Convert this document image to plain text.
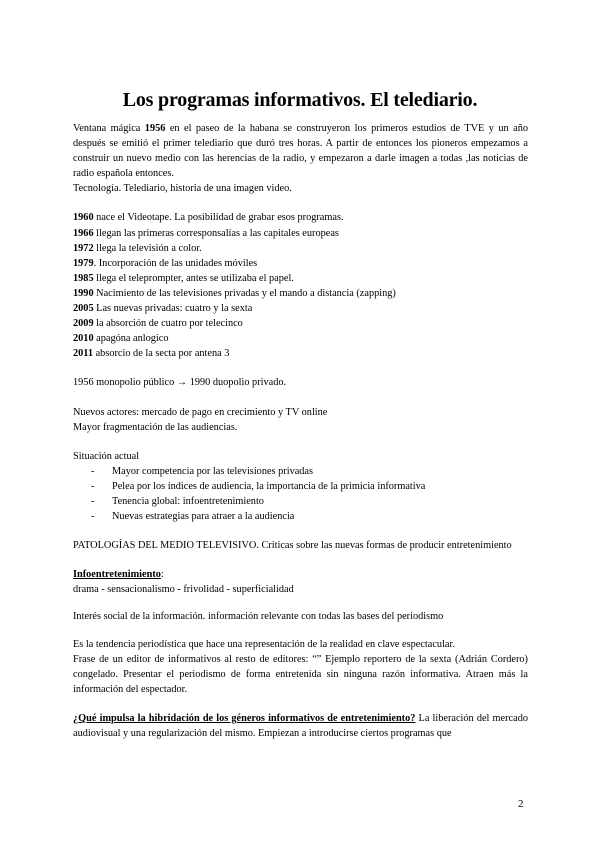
Los programas informativos. El telediario.

Ventana mágica 1956 en el paseo de la habana se construyeron los primeros estudios de TVE y un año después se emitió el primer telediario que duró tres horas. A partir de entonces los pioneros empezamos a construir un nuevo medio con las herencias de la radio, y empezaron a darle imagen a todas ,las noticias de radio española entonces.

Tecnología. Telediario, historia de una imagen video.

1960 nace el Videotape. La posibilidad de grabar esos programas.

1966 llegan las primeras corresponsalías a las capitales europeas

1972 llega la televisión a color.

1979. Incorporación de las unidades móviles

1985 llega el teleprompter, antes se utilizaba el papel.

1990 Nacimiento de las televisiones privadas y el mando a distancia (zapping)

2005 Las nuevas privadas: cuatro y la sexta

2009 la absorción de cuatro por telecinco

2010 apagóna anlogico

2011 absorcio de la secta por antena 3

1956 monopolio público → 1990 duopolio privado.

Nuevos actores: mercado de pago en crecimiento y TV online

Mayor fragmentación de las audiencias.

Situación actual

- Mayor competencia por las televisiones privadas
- Pelea por los índices de audiencia, la importancia de la primicia informativa
- Tenencia global: infoentretenimiento
- Nuevas estrategias para atraer a la audiencia

PATOLOGÍAS DEL MEDIO TELEVISIVO. Críticas sobre las nuevas formas de producir entretenimiento

Infoentretenimiento:

drama - sensacionalismo - frivolidad - superficialidad

Interés social de la información. información relevante con todas las bases del periodismo

Es la tendencia periodística que hace una representación de la realidad en clave espectacular.

Frase de un editor de informativos al resto de editores: “” Ejemplo reportero de la sexta (Adrián Cordero) congelado. Presentar el periodismo de forma entretenida sin ninguna razón informativa. Atraen más la información del espectador.

¿Qué impulsa la hibridación de los géneros informativos de entretenimiento? La liberación del mercado audiovisual y una regularización del mismo. Empiezan a introducirse ciertos programas que

2
